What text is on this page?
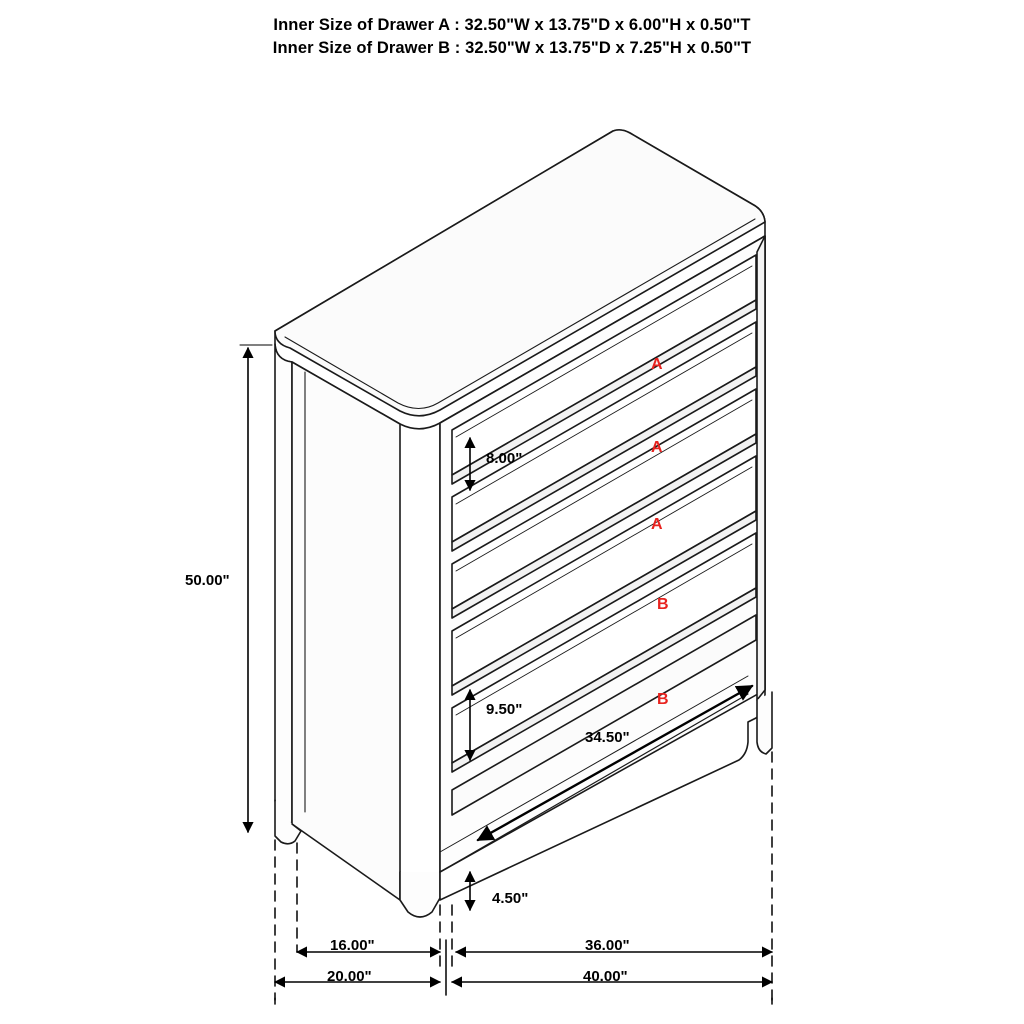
Inner Size of Drawer A : 32.50"W x 13.75"D x 6.00"H x 0.50"T
Inner Size of Drawer B : 32.50"W x 13.75"D x 7.25"H x 0.50"T
50.00"
8.00"
9.50"
4.50"
34.50"
16.00"	36.00"
20.00"	40.00"
A
A
A
B
B
